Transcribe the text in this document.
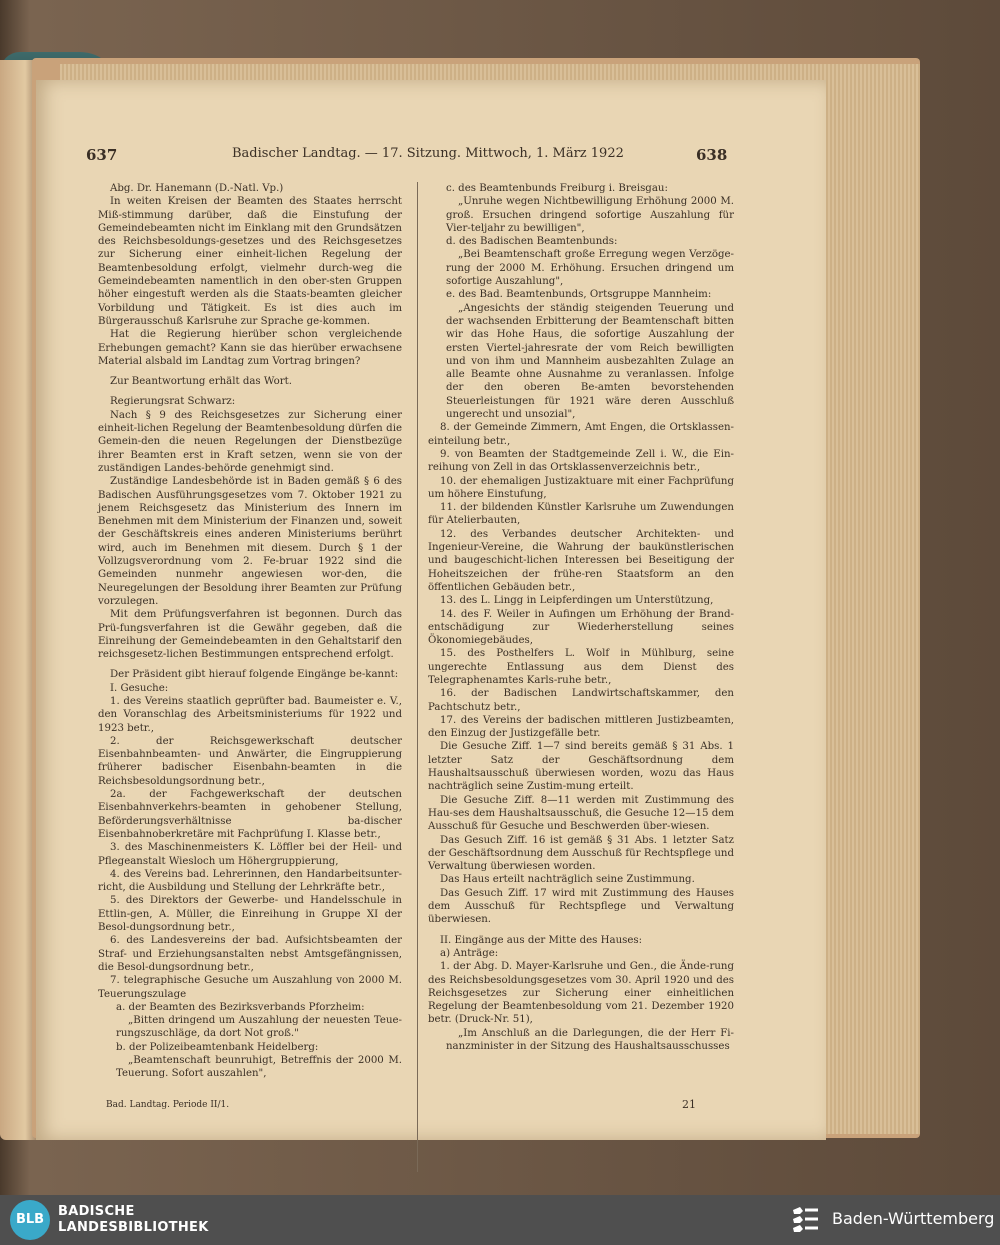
637	Badischer Landtag. — 17. Sitzung. Mittwoch, 1. März 1922	638

Abg. Dr. Hanemann (D.-Natl. Vp.)

In weiten Kreisen der Beamten des Staates herrscht Miß-stimmung darüber, daß die Einstufung der Gemeindebeamten nicht im Einklang mit den Grundsätzen des Reichsbesoldungs-gesetzes und des Reichsgesetzes zur Sicherung einer einheit-lichen Regelung der Beamtenbesoldung erfolgt, vielmehr durch-weg die Gemeindebeamten namentlich in den ober-sten Gruppen höher eingestuft werden als die Staats-beamten gleicher Vorbildung und Tätigkeit. Es ist dies auch im Bürgerausschuß Karlsruhe zur Sprache ge-kommen.

Hat die Regierung hierüber schon vergleichende Erhebungen gemacht? Kann sie das hierüber erwachsene Material alsbald im Landtag zum Vortrag bringen?

Zur Beantwortung erhält das Wort.

Regierungsrat Schwarz:

Nach § 9 des Reichsgesetzes zur Sicherung einer einheit-lichen Regelung der Beamtenbesoldung dürfen die Gemein-den die neuen Regelungen der Dienstbezüge ihrer Beamten erst in Kraft setzen, wenn sie von der zuständigen Landes-behörde genehmigt sind.

Zuständige Landesbehörde ist in Baden gemäß § 6 des Badischen Ausführungsgesetzes vom 7. Oktober 1921 zu jenem Reichsgesetz das Ministerium des Innern im Benehmen mit dem Ministerium der Finanzen und, soweit der Geschäftskreis eines anderen Ministeriums berührt wird, auch im Benehmen mit diesem. Durch § 1 der Vollzugsverordnung vom 2. Fe-bruar 1922 sind die Gemeinden nunmehr angewiesen wor-den, die Neuregelungen der Besoldung ihrer Beamten zur Prüfung vorzulegen.

Mit dem Prüfungsverfahren ist begonnen. Durch das Prü-fungsverfahren ist die Gewähr gegeben, daß die Einreihung der Gemeindebeamten in den Gehaltstarif den reichsgesetz-lichen Bestimmungen entsprechend erfolgt.

Der Präsident gibt hierauf folgende Eingänge be-kannt:

I. Gesuche:

1. des Vereins staatlich geprüfter bad. Baumeister e. V., den Voranschlag des Arbeitsministeriums für 1922 und 1923 betr.,

2. der Reichsgewerkschaft deutscher Eisenbahnbeamten- und Anwärter, die Eingruppierung früherer badischer Eisenbahn-beamten in die Reichsbesoldungsordnung betr.,

2a. der Fachgewerkschaft der deutschen Eisenbahnverkehrs-beamten in gehobener Stellung, Beförderungsverhältnisse ba-discher Eisenbahnoberkretäre mit Fachprüfung I. Klasse betr.,

3. des Maschinenmeisters K. Löffler bei der Heil- und Pflegeanstalt Wiesloch um Höhergruppierung,

4. des Vereins bad. Lehrerinnen, den Handarbeitsunter-richt, die Ausbildung und Stellung der Lehrkräfte betr.,

5. des Direktors der Gewerbe- und Handelsschule in Ettlin-gen, A. Müller, die Einreihung in Gruppe XI der Besol-dungsordnung betr.,

6. des Landesvereins der bad. Aufsichtsbeamten der Straf- und Erziehungsanstalten nebst Amtsgefängnissen, die Besol-dungsordnung betr.,

7. telegraphische Gesuche um Auszahlung von 2000 M. Teuerungszulage

a. der Beamten des Bezirksverbands Pforzheim:

„Bitten dringend um Auszahlung der neuesten Teue-rungszuschläge, da dort Not groß."

b. der Polizeibeamtenbank Heidelberg:

„Beamtenschaft beunruhigt, Betreffnis der 2000 M. Teuerung. Sofort auszahlen",

c. des Beamtenbunds Freiburg i. Breisgau:

„Unruhe wegen Nichtbewilligung Erhöhung 2000 M. groß. Ersuchen dringend sofortige Auszahlung für Vier-teljahr zu bewilligen",

d. des Badischen Beamtenbunds:

„Bei Beamtenschaft große Erregung wegen Verzöge-rung der 2000 M. Erhöhung. Ersuchen dringend um sofortige Auszahlung",

e. des Bad. Beamtenbunds, Ortsgruppe Mannheim:

„Angesichts der ständig steigenden Teuerung und der wachsenden Erbitterung der Beamtenschaft bitten wir das Hohe Haus, die sofortige Auszahlung der ersten Viertel-jahresrate der vom Reich bewilligten und von ihm und Mannheim ausbezahlten Zulage an alle Beamte ohne Ausnahme zu veranlassen. Infolge der den oberen Be-amten bevorstehenden Steuerleistungen für 1921 wäre deren Ausschluß ungerecht und unsozial",

8. der Gemeinde Zimmern, Amt Engen, die Ortsklassen-einteilung betr.,

9. von Beamten der Stadtgemeinde Zell i. W., die Ein-reihung von Zell in das Ortsklassenverzeichnis betr.,

10. der ehemaligen Justizaktuare mit einer Fachprüfung um höhere Einstufung,

11. der bildenden Künstler Karlsruhe um Zuwendungen für Atelierbauten,

12. des Verbandes deutscher Architekten- und Ingenieur-Vereine, die Wahrung der baukünstlerischen und baugeschicht-lichen Interessen bei Beseitigung der Hoheitszeichen der frühe-ren Staatsform an den öffentlichen Gebäuden betr.,

13. des L. Lingg in Leipferdingen um Unterstützung,

14. des F. Weiler in Aufingen um Erhöhung der Brand-entschädigung zur Wiederherstellung seines Ökonomiegebäudes,

15. des Posthelfers L. Wolf in Mühlburg, seine ungerechte Entlassung aus dem Dienst des Telegraphenamtes Karls-ruhe betr.,

16. der Badischen Landwirtschaftskammer, den Pachtschutz betr.,

17. des Vereins der badischen mittleren Justizbeamten, den Einzug der Justizgefälle betr.

Die Gesuche Ziff. 1—7 sind bereits gemäß § 31 Abs. 1 letzter Satz der Geschäftsordnung dem Haushaltsausschuß überwiesen worden, wozu das Haus nachträglich seine Zustim-mung erteilt.

Die Gesuche Ziff. 8—11 werden mit Zustimmung des Hau-ses dem Haushaltsausschuß, die Gesuche 12—15 dem Ausschuß für Gesuche und Beschwerden über-wiesen.

Das Gesuch Ziff. 16 ist gemäß § 31 Abs. 1 letzter Satz der Geschäftsordnung dem Ausschuß für Rechtspflege und Verwaltung überwiesen worden.

Das Haus erteilt nachträglich seine Zustimmung.

Das Gesuch Ziff. 17 wird mit Zustimmung des Hauses dem Ausschuß für Rechtspflege und Verwaltung überwiesen.

II. Eingänge aus der Mitte des Hauses:

a) Anträge:

1. der Abg. D. Mayer-Karlsruhe und Gen., die Ände-rung des Reichsbesoldungsgesetzes vom 30. April 1920 und des Reichsgesetzes zur Sicherung einer einheitlichen Regelung der Beamtenbesoldung vom 21. Dezember 1920 betr. (Druck-Nr. 51),

„Im Anschluß an die Darlegungen, die der Herr Fi-nanzminister in der Sitzung des Haushaltsausschusses

Bad. Landtag. Periode II/1.	21
BLB
BADISCHE
LANDESBIBLIOTHEK	Baden-Württemberg
